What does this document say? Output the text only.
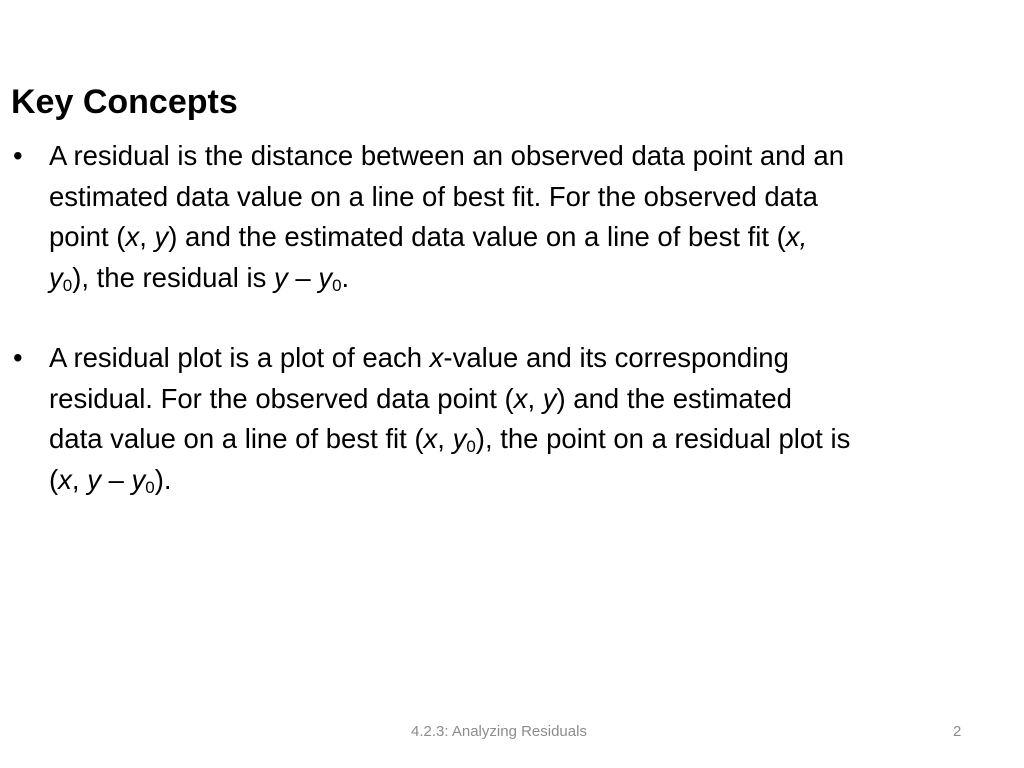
Key Concepts
• A residual is the distance between an observed data point and an estimated data value on a line of best fit. For the observed data point (x, y) and the estimated data value on a line of best fit (x, $y_0$), the residual is y – $y_0$.
• A residual plot is a plot of each x-value and its corresponding residual. For the observed data point (x, y) and the estimated data value on a line of best fit (x, $y_0$), the point on a residual plot is (x, y – $y_0$).
4.2.3: Analyzing Residuals	2
